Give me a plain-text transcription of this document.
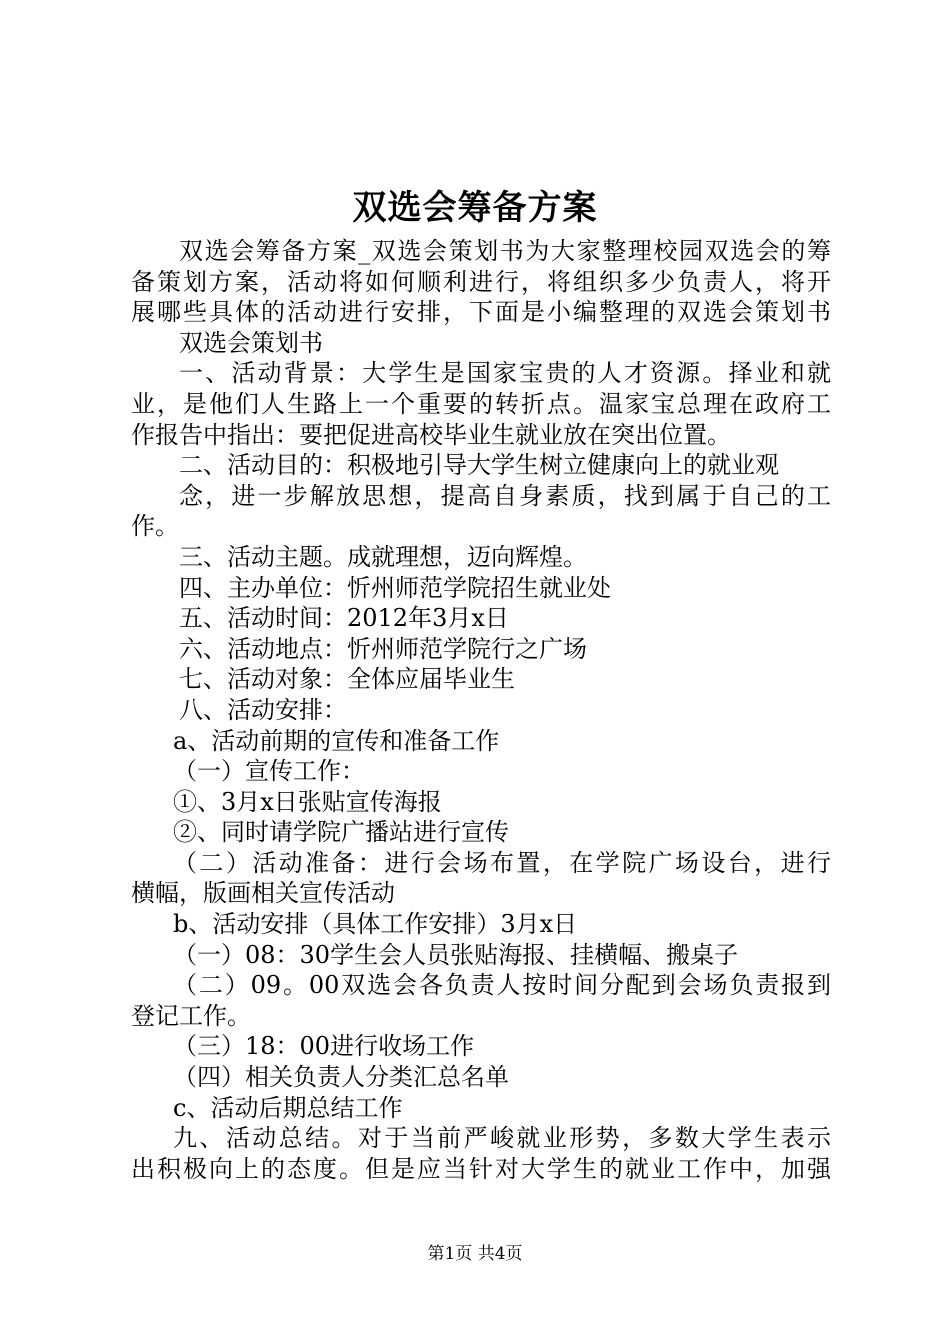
双选会筹备方案
双选会筹备方案_双选会策划书为大家整理校园双选会的筹
备策划方案，活动将如何顺利进行，将组织多少负责人，将开
展哪些具体的活动进行安排，下面是小编整理的双选会策划书
双选会策划书
一、活动背景：大学生是国家宝贵的人才资源。择业和就
业，是他们人生路上一个重要的转折点。温家宝总理在政府工
作报告中指出：要把促进高校毕业生就业放在突出位置。
二、活动目的：积极地引导大学生树立健康向上的就业观
念，进一步解放思想，提高自身素质，找到属于自己的工
作。
三、活动主题。成就理想，迈向辉煌。
四、主办单位：忻州师范学院招生就业处
五、活动时间：2012年3月x日
六、活动地点：忻州师范学院行之广场
七、活动对象：全体应届毕业生
八、活动安排：
a、活动前期的宣传和准备工作
（一）宣传工作：
①、3月x日张贴宣传海报
②、同时请学院广播站进行宣传
（二）活动准备：进行会场布置，在学院广场设台，进行
横幅，版画相关宣传活动
b、活动安排（具体工作安排）3月x日
（一）08：30学生会人员张贴海报、挂横幅、搬桌子
（二）09。00双选会各负责人按时间分配到会场负责报到
登记工作。
（三）18：00进行收场工作
（四）相关负责人分类汇总名单
c、活动后期总结工作
九、活动总结。对于当前严峻就业形势，多数大学生表示
出积极向上的态度。但是应当针对大学生的就业工作中，加强
第1页 共4页
